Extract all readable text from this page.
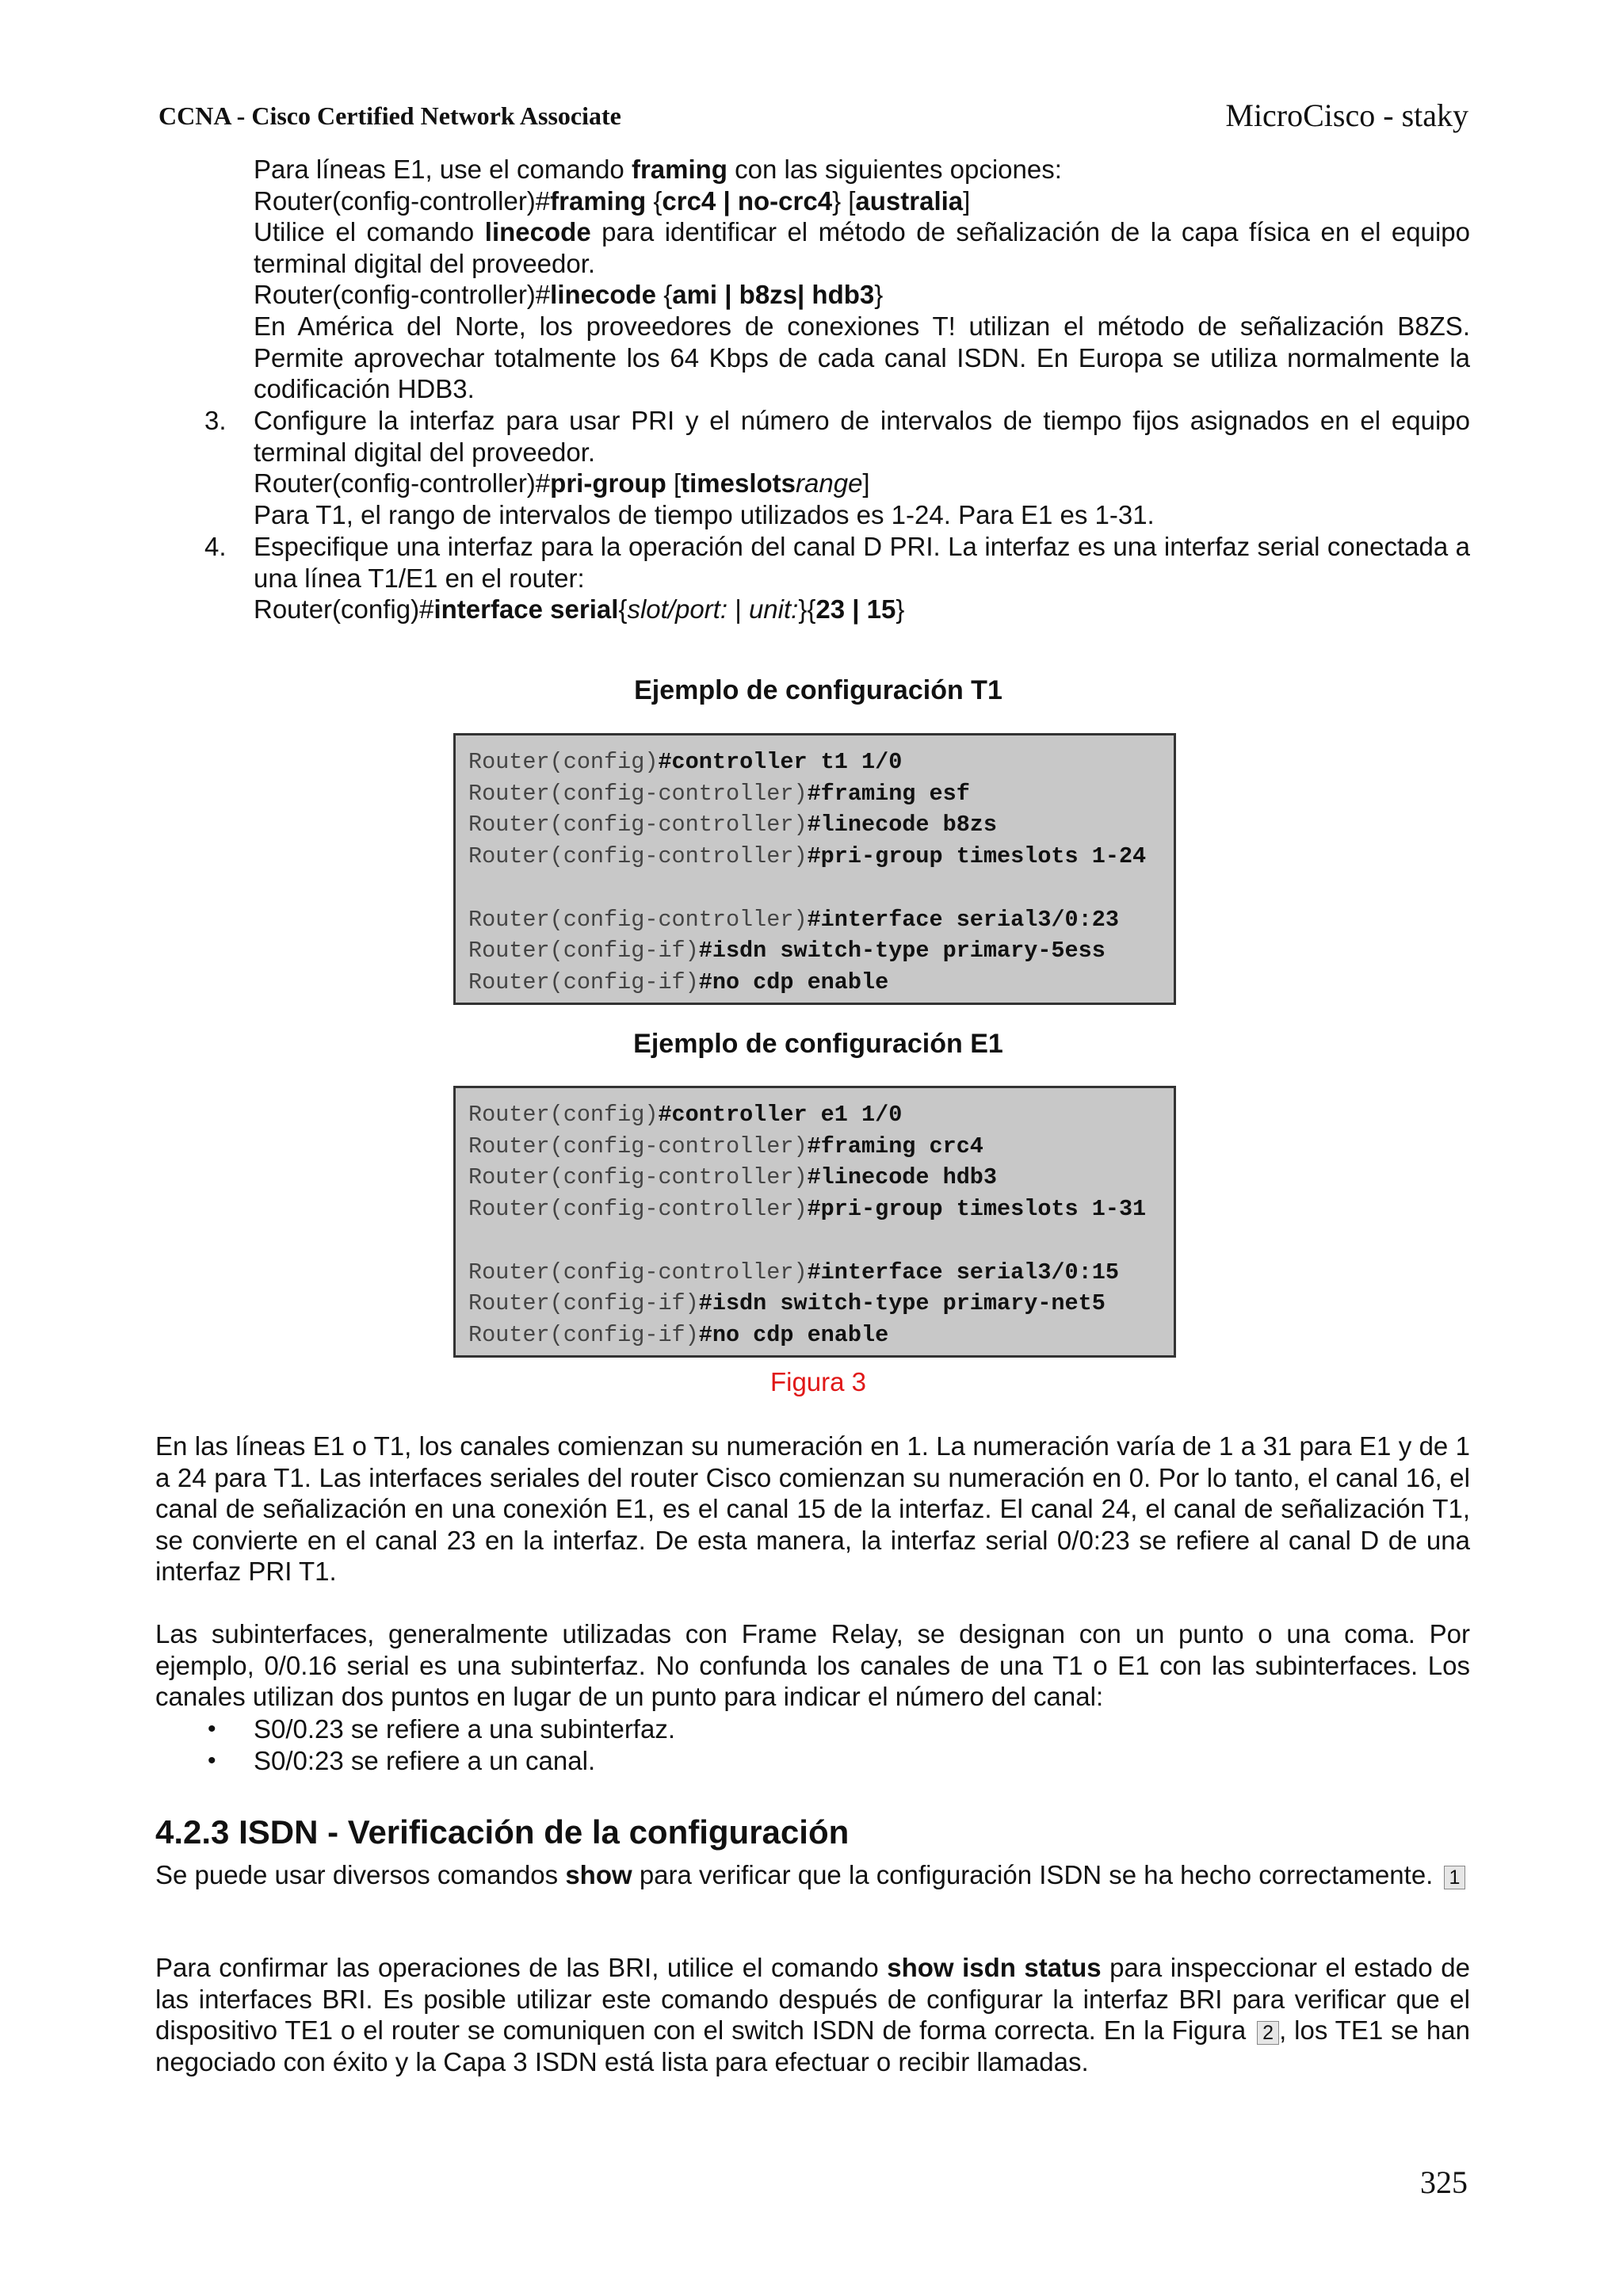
CCNA - Cisco Certified Network Associate	MicroCisco - staky
Para líneas E1, use el comando framing con las siguientes opciones:
Router(config-controller)#framing {crc4 | no-crc4} [australia]
Utilice el comando linecode para identificar el método de señalización de la capa física en el equipo terminal digital del proveedor.
Router(config-controller)#linecode {ami | b8zs| hdb3}
En América del Norte, los proveedores de conexiones T! utilizan el método de señalización B8ZS. Permite aprovechar totalmente los 64 Kbps de cada canal ISDN. En Europa se utiliza normalmente la codificación HDB3.
3. Configure la interfaz para usar PRI y el número de intervalos de tiempo fijos asignados en el equipo terminal digital del proveedor.
Router(config-controller)#pri-group [timeslotsrange]
Para T1, el rango de intervalos de tiempo utilizados es 1-24. Para E1 es 1-31.
4. Especifique una interfaz para la operación del canal D PRI. La interfaz es una interfaz serial conectada a una línea T1/E1 en el router:
Router(config)#interface serial{slot/port: | unit:}{23 | 15}
Ejemplo de configuración T1
Router(config)#controller t1 1/0
Router(config-controller)#framing esf
Router(config-controller)#linecode b8zs
Router(config-controller)#pri-group timeslots 1-24
Router(config-controller)#interface serial3/0:23
Router(config-if)#isdn switch-type primary-5ess
Router(config-if)#no cdp enable
Ejemplo de configuración E1
Router(config)#controller e1 1/0
Router(config-controller)#framing crc4
Router(config-controller)#linecode hdb3
Router(config-controller)#pri-group timeslots 1-31
Router(config-controller)#interface serial3/0:15
Router(config-if)#isdn switch-type primary-net5
Router(config-if)#no cdp enable
Figura 3
En las líneas E1 o T1, los canales comienzan su numeración en 1. La numeración varía de 1 a 31 para E1 y de 1 a 24 para T1. Las interfaces seriales del router Cisco comienzan su numeración en 0. Por lo tanto, el canal 16, el canal de señalización en una conexión E1, es el canal 15 de la interfaz. El canal 24, el canal de señalización T1, se convierte en el canal 23 en la interfaz. De esta manera, la interfaz serial 0/0:23 se refiere al canal D de una interfaz PRI T1.
Las subinterfaces, generalmente utilizadas con Frame Relay, se designan con un punto o una coma. Por ejemplo, 0/0.16 serial es una subinterfaz. No confunda los canales de una T1 o E1 con las subinterfaces. Los canales utilizan dos puntos en lugar de un punto para indicar el número del canal:
• S0/0.23 se refiere a una subinterfaz.
• S0/0:23 se refiere a un canal.
4.2.3 ISDN - Verificación de la configuración
Se puede usar diversos comandos show para verificar que la configuración ISDN se ha hecho correctamente. 1
Para confirmar las operaciones de las BRI, utilice el comando show isdn status para inspeccionar el estado de las interfaces BRI. Es posible utilizar este comando después de configurar la interfaz BRI para verificar que el dispositivo TE1 o el router se comuniquen con el switch ISDN de forma correcta. En la Figura 2 , los TE1 se han negociado con éxito y la Capa 3 ISDN está lista para efectuar o recibir llamadas.
325
